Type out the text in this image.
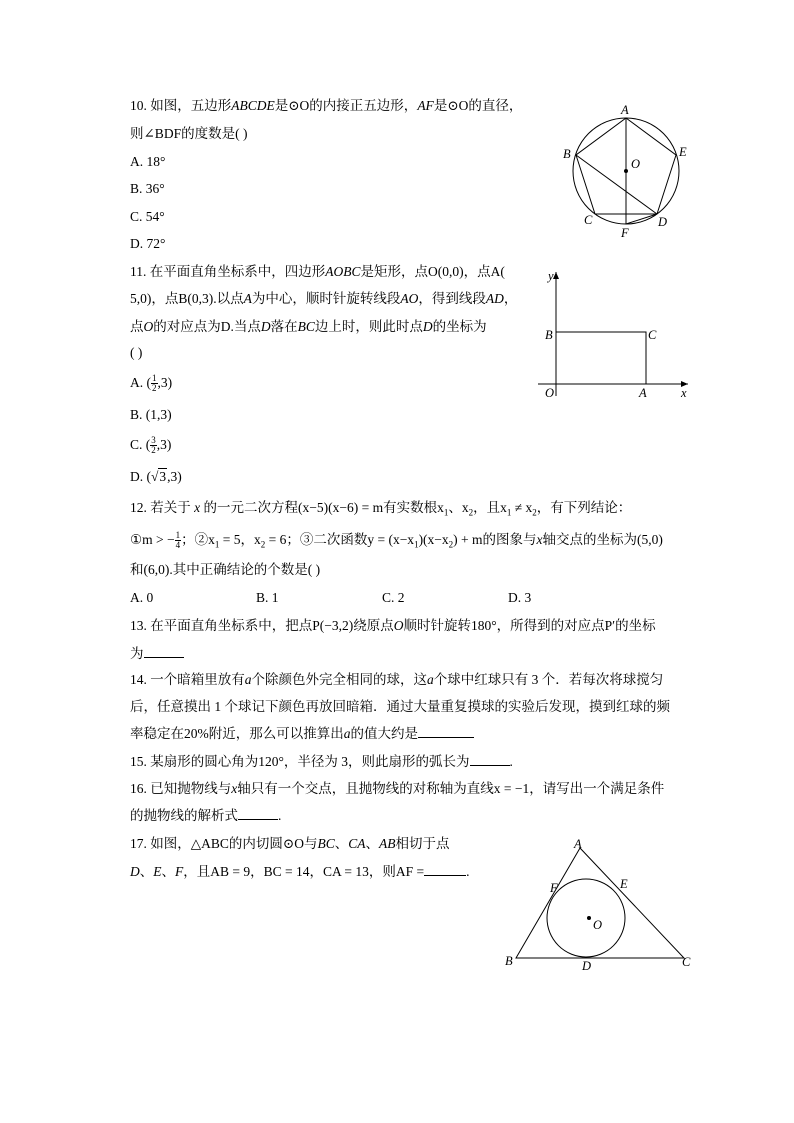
10. 如图，五边形ABCDE是⊙O的内接正五边形，AF是⊙O的直径，
则∠BDF的度数是( )
A. 18°
B. 36°
C. 54°
D. 72°
A
B	E
O
C	D
F
11. 在平面直角坐标系中，四边形AOBC是矩形，点O(0,0)，点A(
5,0)，点B(0,3).以点A为中心，顺时针旋转线段AO，得到线段AD，
点O的对应点为D.当点D落在BC边上时，则此时点D的坐标为
( )
A. ( $\frac{1}{2} ,3$)
B. (1,3)
C. ( $\frac{3}{2} ,3$)
D. (√3,3)
y
x
B	C
O	A
12. 若关于 x 的一元二次方程(x−5)(x−6) = m有实数根$x_1$、$x_2$，且$x_1 \ne x_2$，有下列结论：
①m > − $\frac{1}{4}$ ；$②x_1 = 5$，$x_2 = 6$；③二次函数$y = (x-x_1)(x-x_2) + m$的图象与x轴交点的坐标为(5,0)
和(6,0).其中正确结论的个数是( )
A. 0	B. 1	C. 2	D. 3
13. 在平面直角坐标系中，把点P(−3,2)绕原点O顺时针旋转180°，所得到的对应点P′的坐标
为
14. 一个暗箱里放有a个除颜色外完全相同的球，这a个球中红球只有 3 个．若每次将球搅匀
后，任意摸出 1 个球记下颜色再放回暗箱．通过大量重复摸球的实验后发现，摸到红球的频
率稳定在20%附近，那么可以推算出a的值大约是
15. 某扇形的圆心角为120°，半径为 3，则此扇形的弧长为	.
16. 已知抛物线与x轴只有一个交点，且抛物线的对称轴为直线x = −1，请写出一个满足条件
的抛物线的解析式	.
17. 如图，△ABC的内切圆⊙O与BC、CA、AB相切于点
D、E、F，且AB = 9，BC = 14，CA = 13，则AF =	.
A
F	E
O
B	D	C
